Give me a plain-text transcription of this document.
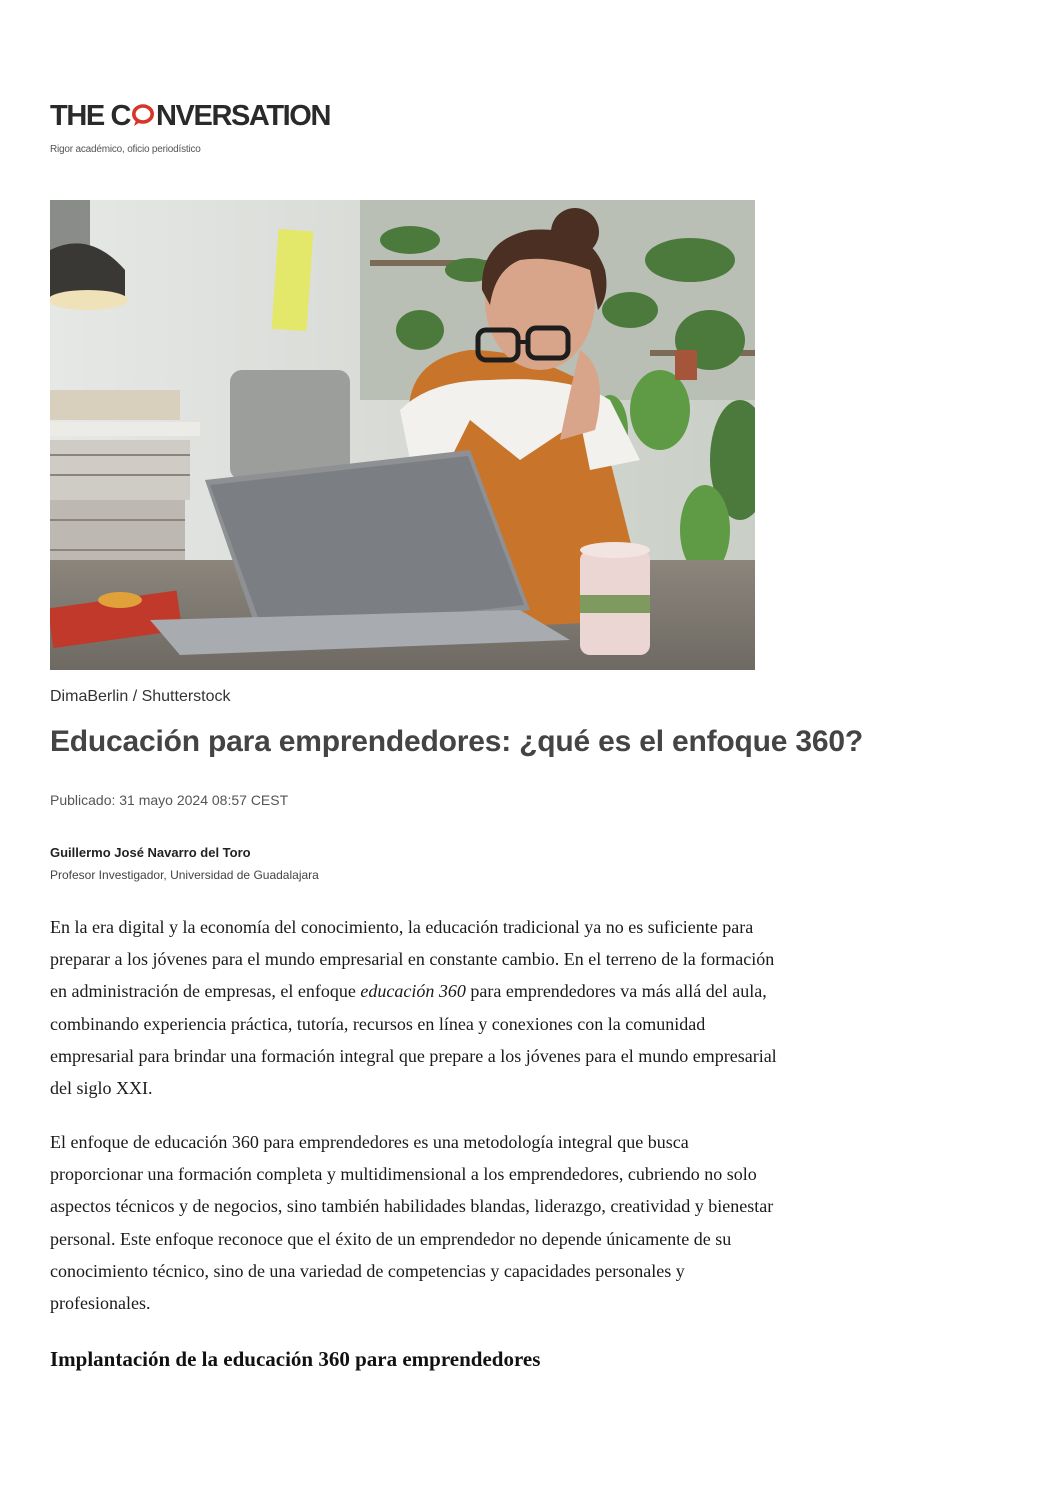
THE C NVERSATION
Rigor académico, oficio periodístico
DimaBerlin / Shutterstock
Educación para emprendedores: ¿qué es el enfoque 360?
Publicado: 31 mayo 2024 08:57 CEST
Guillermo José Navarro del Toro
Profesor Investigador, Universidad de Guadalajara

En la era digital y la economía del conocimiento, la educación tradicional ya no es suficiente para
preparar a los jóvenes para el mundo empresarial en constante cambio. En el terreno de la formación
en administración de empresas, el enfoque educación 360 para emprendedores va más allá del aula,
combinando experiencia práctica, tutoría, recursos en línea y conexiones con la comunidad
empresarial para brindar una formación integral que prepare a los jóvenes para el mundo empresarial
del siglo XXI.

El enfoque de educación 360 para emprendedores es una metodología integral que busca
proporcionar una formación completa y multidimensional a los emprendedores, cubriendo no solo
aspectos técnicos y de negocios, sino también habilidades blandas, liderazgo, creatividad y bienestar
personal. Este enfoque reconoce que el éxito de un emprendedor no depende únicamente de su
conocimiento técnico, sino de una variedad de competencias y capacidades personales y
profesionales.

Implantación de la educación 360 para emprendedores
